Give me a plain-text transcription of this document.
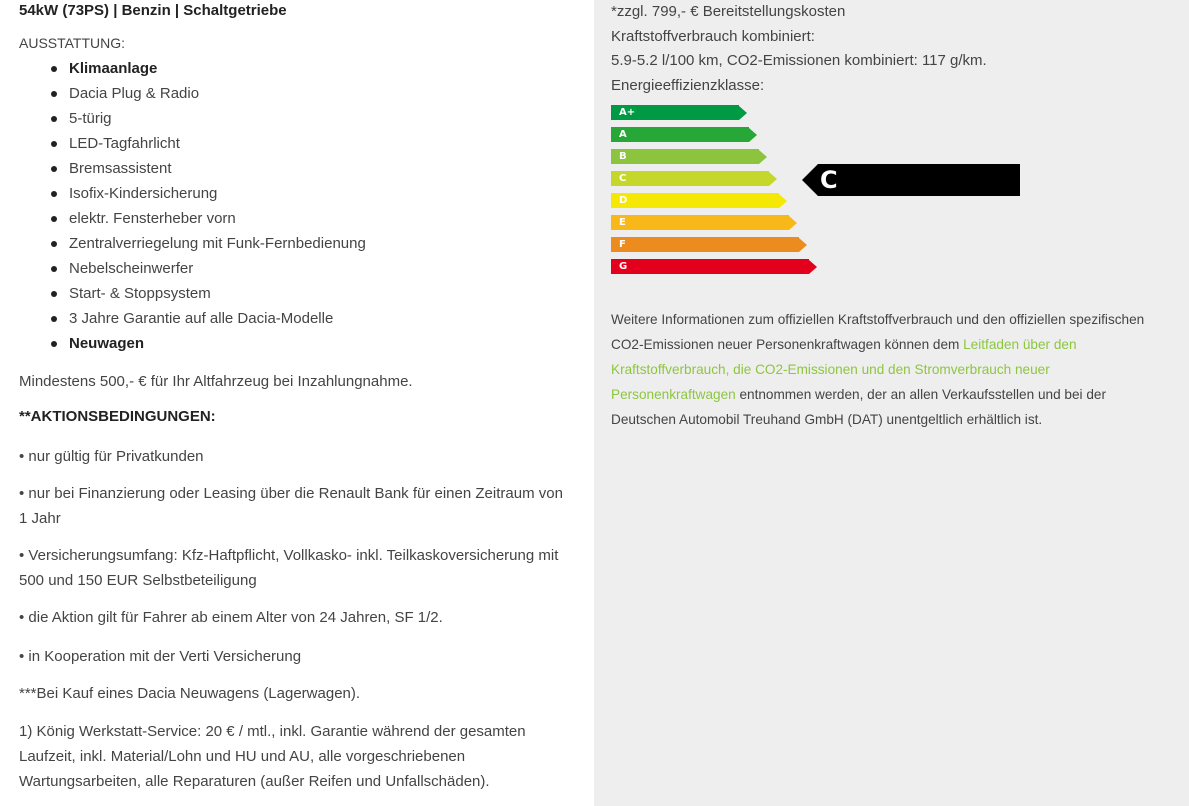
54kW (73PS) | Benzin | Schaltgetriebe
AUSSTATTUNG:
Klimaanlage
Dacia Plug & Radio
5-türig
LED-Tagfahrlicht
Bremsassistent
Isofix-Kindersicherung
elektr. Fensterheber vorn
Zentralverriegelung mit Funk-Fernbedienung
Nebelscheinwerfer
Start- & Stoppsystem
3 Jahre Garantie auf alle Dacia-Modelle
Neuwagen
Mindestens 500,- € für Ihr Altfahrzeug bei Inzahlungnahme.
**AKTIONSBEDINGUNGEN:
• nur gültig für Privatkunden
• nur bei Finanzierung oder Leasing über die Renault Bank für einen Zeitraum von 1 Jahr
• Versicherungsumfang: Kfz-Haftpflicht, Vollkasko- inkl. Teilkaskoversicherung mit 500 und 150 EUR Selbstbeteiligung
• die Aktion gilt für Fahrer ab einem Alter von 24 Jahren, SF 1/2.
• in Kooperation mit der Verti Versicherung
***Bei Kauf eines Dacia Neuwagens (Lagerwagen).
1) König Werkstatt-Service: 20 € / mtl., inkl. Garantie während der gesamten Laufzeit, inkl. Material/Lohn und HU und AU, alle vorgeschriebenen Wartungsarbeiten, alle Reparaturen (außer Reifen und Unfallschäden).
*zzgl. 799,- € Bereitstellungskosten
Kraftstoffverbrauch kombiniert:
5.9-5.2 l/100 km, CO2-Emissionen kombiniert: 117 g/km.
Energieeffizienzklasse:
A+
A
B
C
D
E
F
G
C
Weitere Informationen zum offiziellen Kraftstoffverbrauch und den offiziellen spezifischen CO2-Emissionen neuer Personenkraftwagen können dem Leitfaden über den Kraftstoffverbrauch, die CO2-Emissionen und den Stromverbrauch neuer Personenkraftwagen entnommen werden, der an allen Verkaufsstellen und bei der Deutschen Automobil Treuhand GmbH (DAT) unentgeltlich erhältlich ist.
